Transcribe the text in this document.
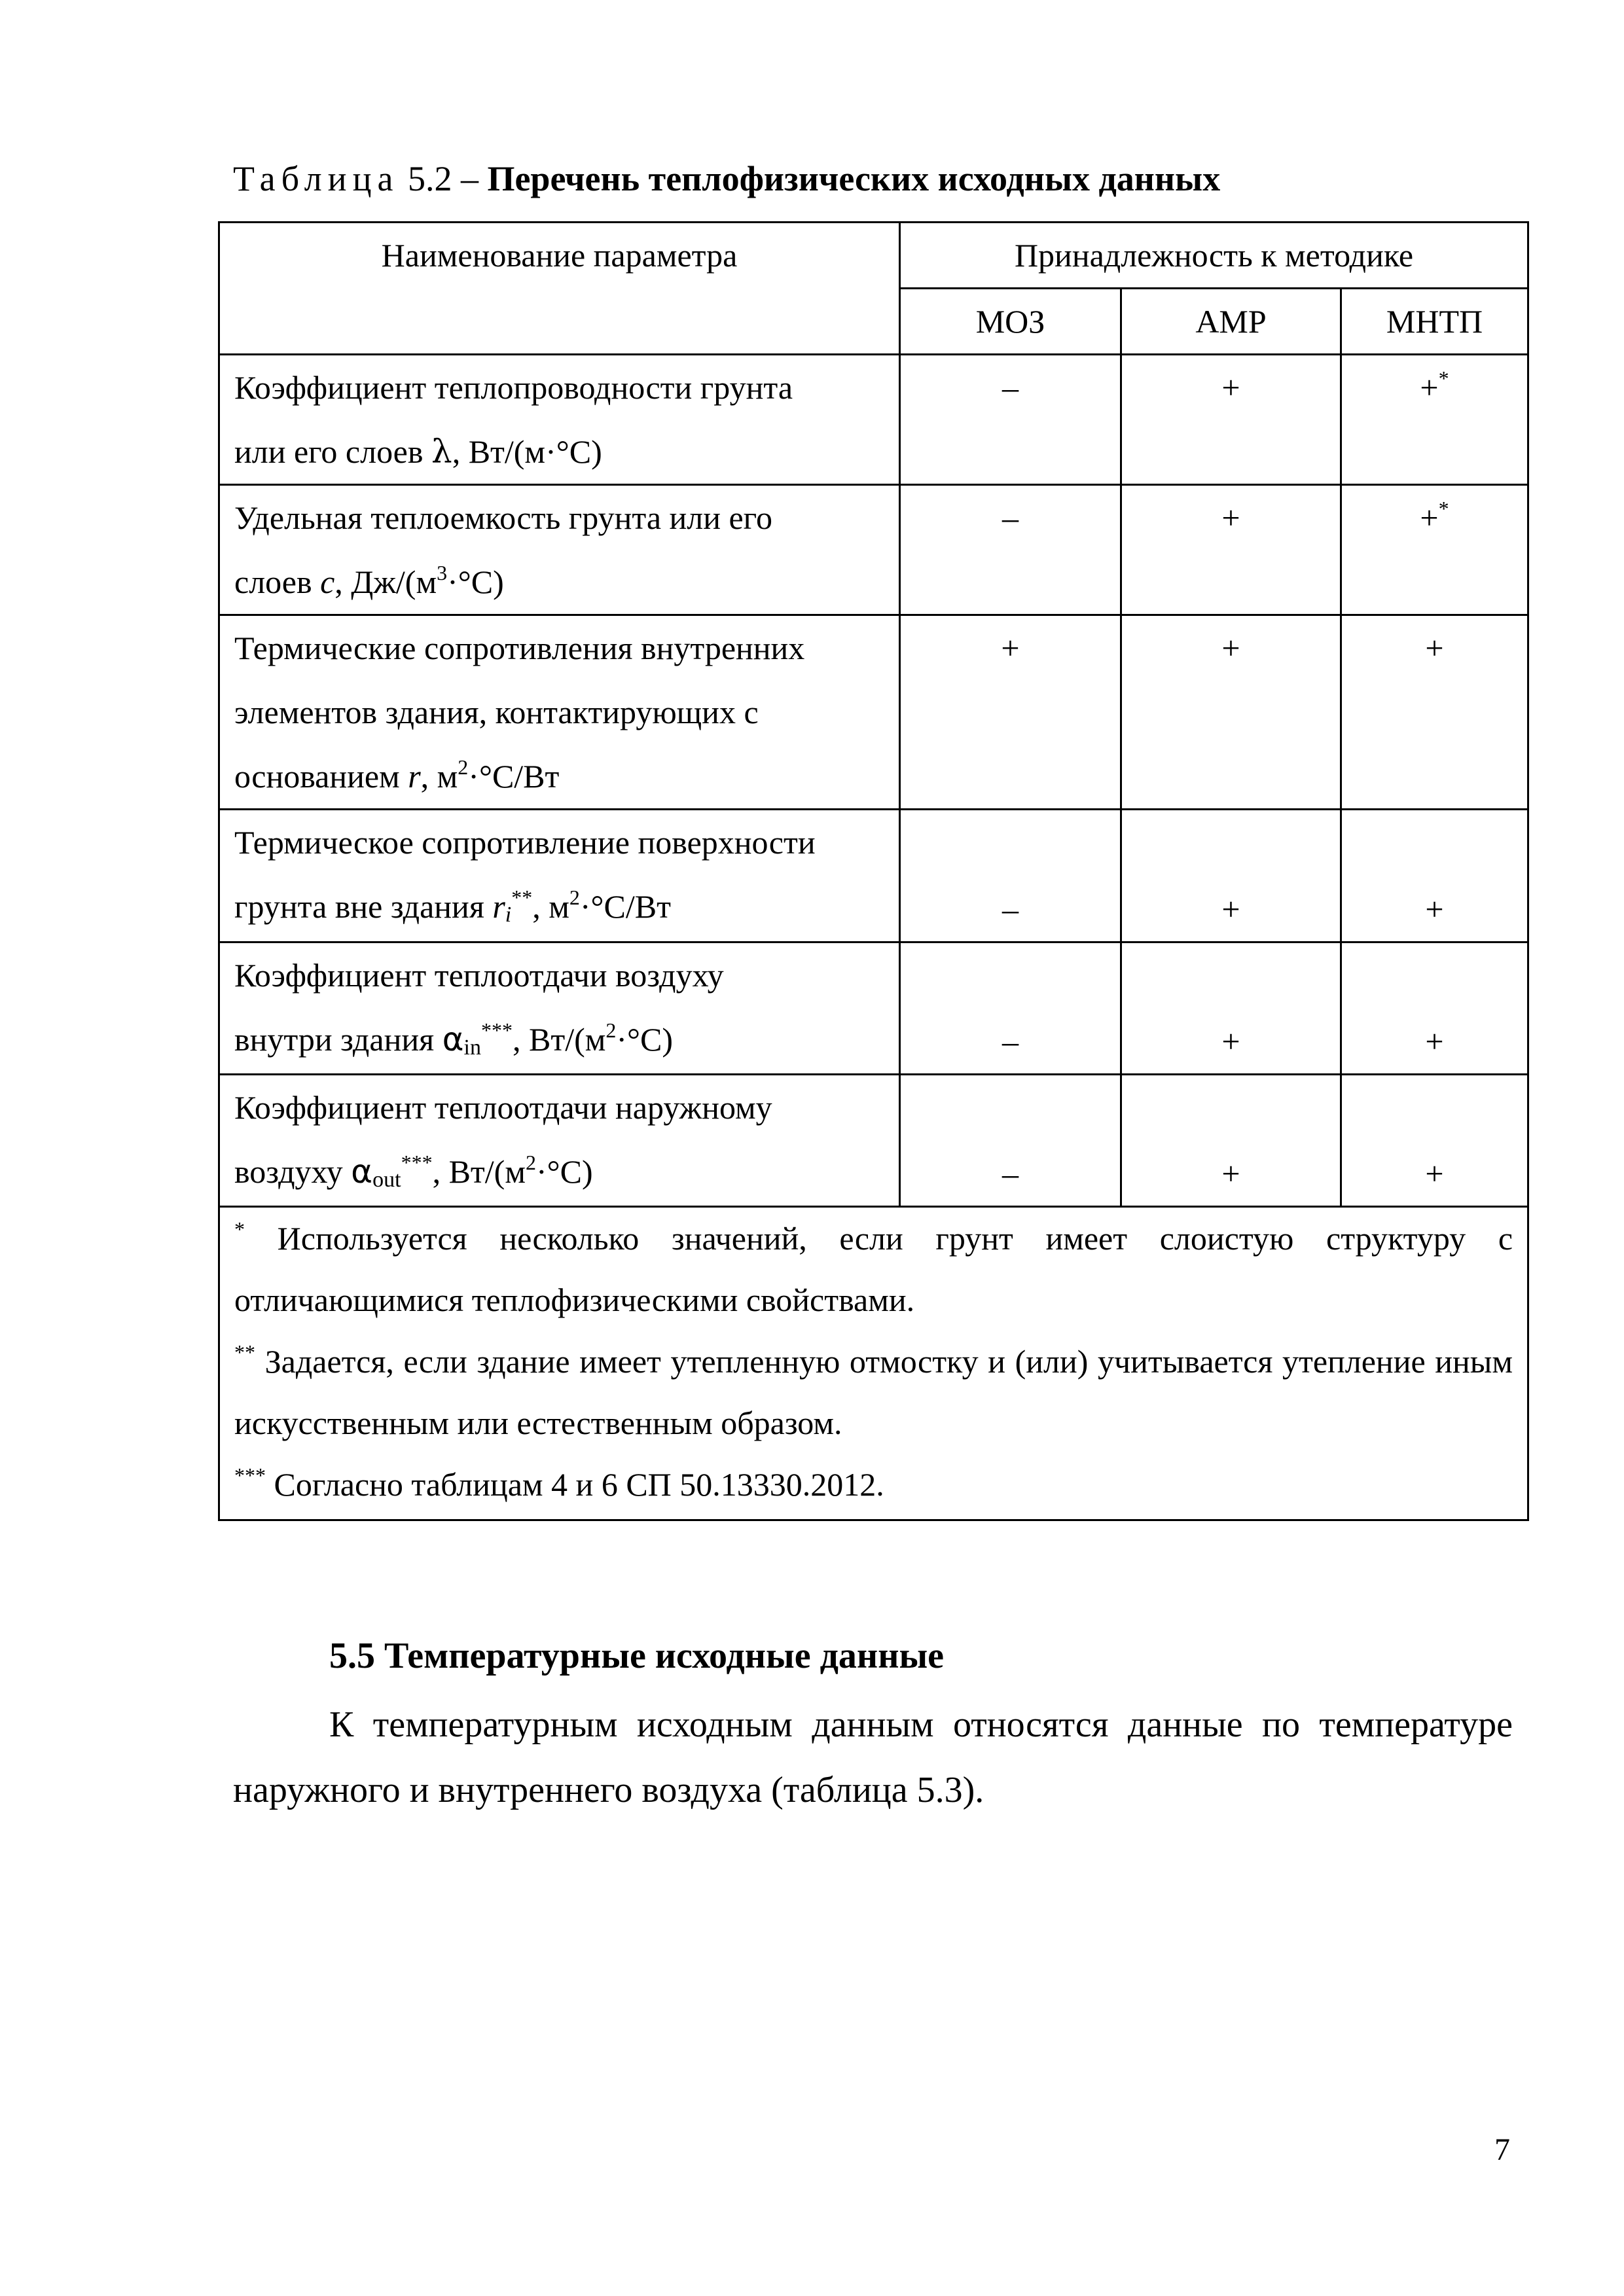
Таблица 5.2 – Перечень теплофизических исходных данных
Наименование параметра	Принадлежность к методике		
	МОЗ	АМР	МНТП

Коэффициент теплопроводности грунта
или его слоев λ, Вт/(м·°С)	–	+	+*

Удельная теплоемкость грунта или его
слоев c, $Дж/(м^3\cdot^\circ С)$	–	+	+*

Термические сопротивления внутренних
элементов здания, контактирующих с
основанием r, $м^2\cdot^\circ С/Вт$	+	+	+

Термическое сопротивление поверхности
грунта вне здания $r_i^{**}$, $м^2\cdot^\circ С/Вт$	–	+	+

Коэффициент теплоотдачи воздуху
внутри здания $\alpha_{in}^{***}$, $Вт/(м^2\cdot^\circ С)$	–	+	+

Коэффициент теплоотдачи наружному
воздуху $\alpha_{out}^{***}$, $Вт/(м^2\cdot^\circ С)$	–	+	+

* Используется несколько значений, если грунт имеет слоистую структуру с отличающимися теплофизическими свойствами.

** Задается, если здание имеет утепленную отмостку и (или) учитывается утепление иным искусственным или естественным образом.

*** Согласно таблицам 4 и 6 СП 50.13330.2012.			

5.5 Температурные исходные данные

К температурным исходным данным относятся данные по температуре наружного и внутреннего воздуха (таблица 5.3).

7
